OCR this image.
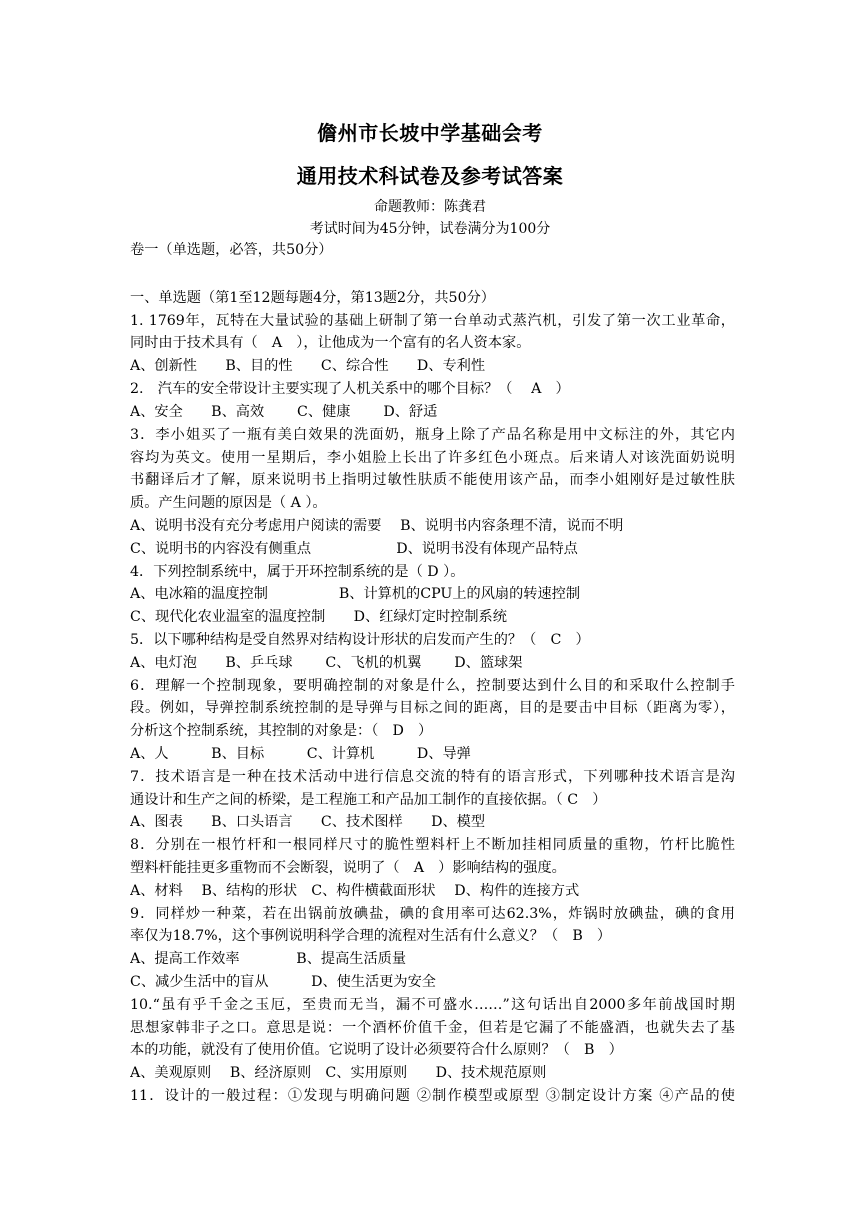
儋州市长坡中学基础会考
通用技术科试卷及参考试答案
命题教师：陈龚君
考试时间为45分钟，试卷满分为100分
卷一（单选题，必答，共50分）
一、单选题（第1至12题每题4分，第13题2分，共50分）
1. 1769年，瓦特在大量试验的基础上研制了第一台单动式蒸汽机，引发了第一次工业革命，
同时由于技术具有（　A　），让他成为一个富有的名人资本家。
A、创新性　　B、目的性　　C、综合性　　D、专利性
2.　汽车的安全带设计主要实现了人机关系中的哪个目标？（　 A　）
A、安全　　B、高效　　 C、健康　　 D、舒适
3．李小姐买了一瓶有美白效果的洗面奶，瓶身上除了产品名称是用中文标注的外，其它内
容均为英文。使用一星期后，李小姐脸上长出了许多红色小斑点。后来请人对该洗面奶说明
书翻译后才了解，原来说明书上指明过敏性肤质不能使用该产品，而李小姐刚好是过敏性肤
质。产生问题的原因是（ A ）。
A、说明书没有充分考虑用户阅读的需要　 B、说明书内容条理不清，说而不明
C、说明书的内容没有侧重点　　　　　　D、说明书没有体现产品特点
4．下列控制系统中，属于开环控制系统的是（ D ）。
A、电冰箱的温度控制　　　　　B、计算机的CPU上的风扇的转速控制
C、现代化农业温室的温度控制　　D、红绿灯定时控制系统
5．以下哪种结构是受自然界对结构设计形状的启发而产生的？（　C　）
A、电灯泡　　B、乒乓球　　 C、飞机的机翼　　 D、篮球架
6．理解一个控制现象，要明确控制的对象是什么，控制要达到什么目的和采取什么控制手
段。例如，导弹控制系统控制的是导弹与目标之间的距离，目的是要击中目标（距离为零），
分析这个控制系统，其控制的对象是：（　D　）
A、人　　　B、目标　　　C、计算机　　　D、导弹
7．技术语言是一种在技术活动中进行信息交流的特有的语言形式，下列哪种技术语言是沟
通设计和生产之间的桥梁，是工程施工和产品加工制作的直接依据。（ C　）
A、图表　　B、口头语言　　C、技术图样　　D、模型
8．分别在一根竹杆和一根同样尺寸的脆性塑料杆上不断加挂相同质量的重物，竹杆比脆性
塑料杆能挂更多重物而不会断裂，说明了（　A　）影响结构的强度。
A、材料　 B、结构的形状　C、构件横截面形状　 D、构件的连接方式
9．同样炒一种菜，若在出锅前放碘盐，碘的食用率可达62.3%，炸锅时放碘盐，碘的食用
率仅为18.7%，这个事例说明科学合理的流程对生活有什么意义？（　B　）
A、提高工作效率　　　　B、提高生活质量
C、减少生活中的盲从　　　D、使生活更为安全
10.“虽有乎千金之玉厄，至贵而无当，漏不可盛水……”这句话出自2000多年前战国时期
思想家韩非子之口。意思是说：一个酒杯价值千金，但若是它漏了不能盛酒，也就失去了基
本的功能，就没有了使用价值。它说明了设计必须要符合什么原则？（　B　）
A、美观原则　 B、经济原则　C、实用原则　　D、技术规范原则
11．设计的一般过程：①发现与明确问题 ②制作模型或原型 ③制定设计方案 ④产品的使
